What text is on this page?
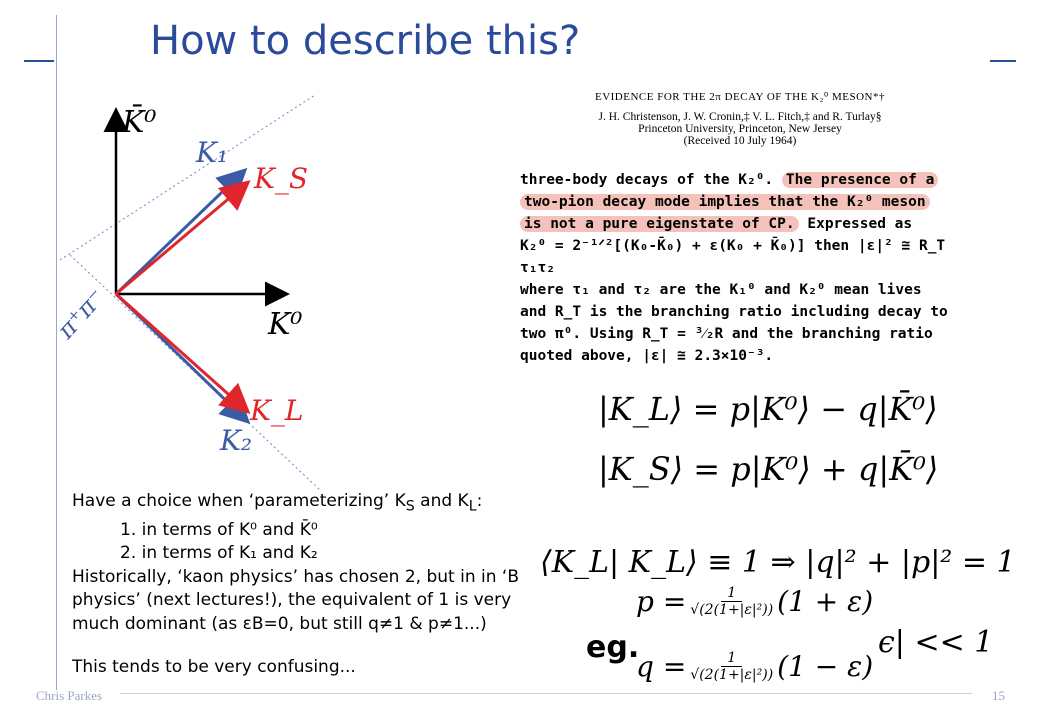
How to describe this?
K̄⁰
K⁰
K₁
K_S
K_L
K₂
π⁺π⁻
EVIDENCE FOR THE 2π DECAY OF THE K₂⁰ MESON*†
J. H. Christenson, J. W. Cronin,‡ V. L. Fitch,‡ and R. Turlay§
Princeton University, Princeton, New Jersey
(Received 10 July 1964)
three-body decays of the K₂⁰. The presence of a
two-pion decay mode implies that the K₂⁰ meson
is not a pure eigenstate of CP. Expressed as
K₂⁰ = 2⁻¹ᐟ²[(K₀-K̄₀) + ε(K₀ + K̄₀)] then |ε|² ≅ R_T τ₁τ₂
where τ₁ and τ₂ are the K₁⁰ and K₂⁰ mean lives
and R_T is the branching ratio including decay to
two π⁰. Using R_T = ³⁄₂R and the branching ratio
quoted above, |ε| ≅ 2.3×10⁻³.
|K_L⟩ = p|K⁰⟩ − q|K̄⁰⟩
|K_S⟩ = p|K⁰⟩ + q|K̄⁰⟩
⟨K_L| K_L⟩ ≡ 1 ⇒ |q|² + |p|² = 1
eg.
$p = \frac{1}{\text{√(2(1+|ε|²))}} (1 + \varepsilon)$
$q = \frac{1}{\text{√(2(1+|ε|²))}} (1 - \varepsilon)$
ϵ| << 1
Have a choice when ‘parameterizing’ $K_S$ and $K_L$:
1. in terms of K⁰ and K̄⁰
2. in terms of K₁ and K₂
Historically, ‘kaon physics’ has chosen 2, but in in ‘B
physics’ (next lectures!), the equivalent of 1 is very
much dominant (as εB=0, but still q≠1 & p≠1...)
This tends to be very confusing...
Chris Parkes	15
